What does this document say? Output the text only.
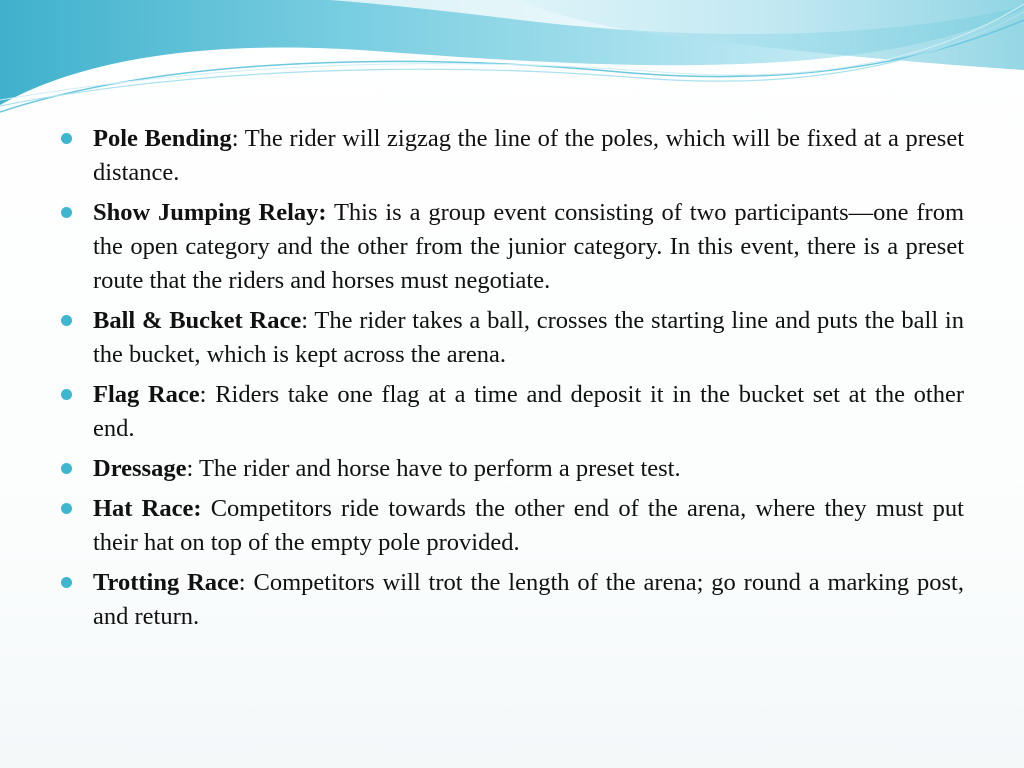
Pole Bending: The rider will zigzag the line of the poles, which will be fixed at a preset distance.
Show Jumping Relay: This is a group event consisting of two participants—one from the open category and the other from the junior category. In this event, there is a preset route that the riders and horses must negotiate.
Ball & Bucket Race: The rider takes a ball, crosses the starting line and puts the ball in the bucket, which is kept across the arena.
Flag Race: Riders take one flag at a time and deposit it in the bucket set at the other end.
Dressage: The rider and horse have to perform a preset test.
Hat Race: Competitors ride towards the other end of the arena, where they must put their hat on top of the empty pole provided.
Trotting Race: Competitors will trot the length of the arena; go round a marking post, and return.
